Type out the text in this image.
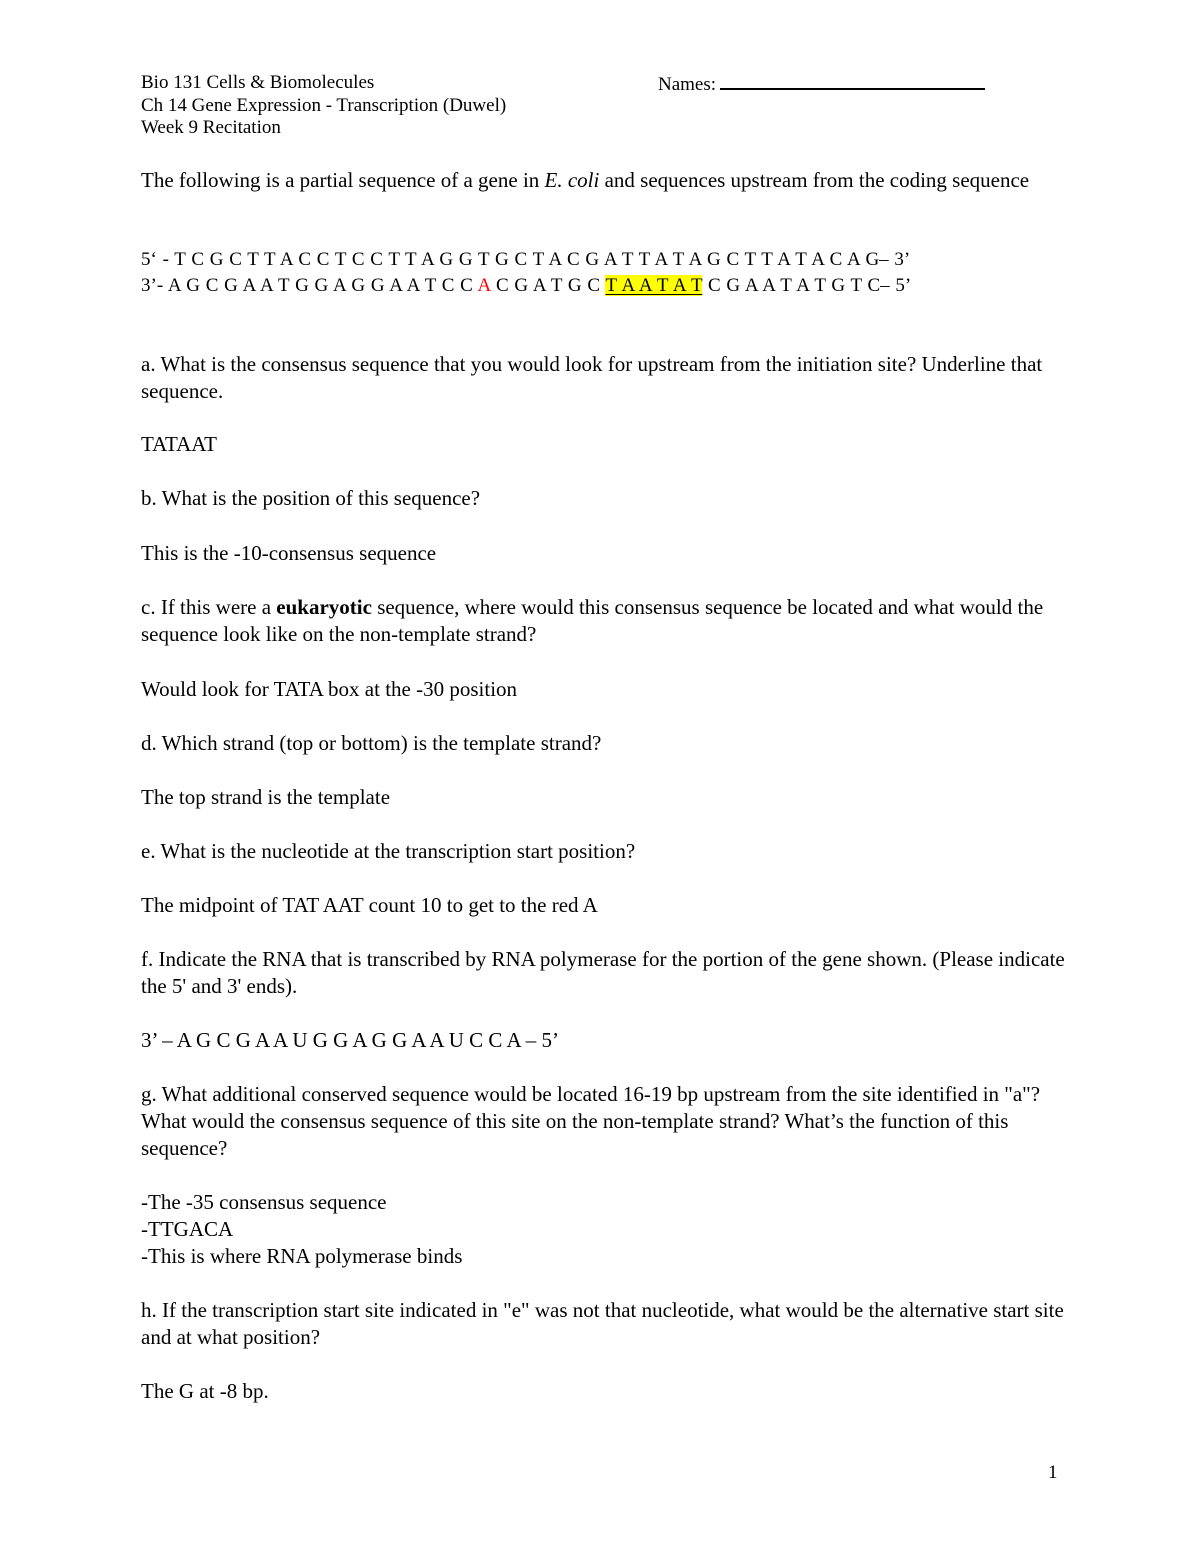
Bio 131 Cells & Biomolecules
Ch 14 Gene Expression - Transcription (Duwel)
Week 9 Recitation
Names:
The following is a partial sequence of a gene in E. coli and sequences upstream from the coding sequence
5‘ - T C G C T T A C C T C C T T A G G T G C T A C G A T T A T A G C T T A T A C A G– 3’
3’- A G C G A A T G G A G G A A T C C A C G A T G C T A A T A T C G A A T A T G T C– 5’
a. What is the consensus sequence that you would look for upstream from the initiation site? Underline that sequence.
TATAAT
b. What is the position of this sequence?
This is the -10-consensus sequence
c. If this were a eukaryotic sequence, where would this consensus sequence be located and what would the sequence look like on the non-template strand?
Would look for TATA box at the -30 position
d. Which strand (top or bottom) is the template strand?
The top strand is the template
e. What is the nucleotide at the transcription start position?
The midpoint of TAT AAT count 10 to get to the red A
f. Indicate the RNA that is transcribed by RNA polymerase for the portion of the gene shown. (Please indicate the 5' and 3' ends).
3’ – A G C G A A U G G A G G A A U C C A – 5’
g. What additional conserved sequence would be located 16-19 bp upstream from the site identified in "a"? What would the consensus sequence of this site on the non-template strand? What’s the function of this sequence?
-The -35 consensus sequence
-TTGACA
-This is where RNA polymerase binds
h. If the transcription start site indicated in "e" was not that nucleotide, what would be the alternative start site and at what position?
The G at -8 bp.
1
